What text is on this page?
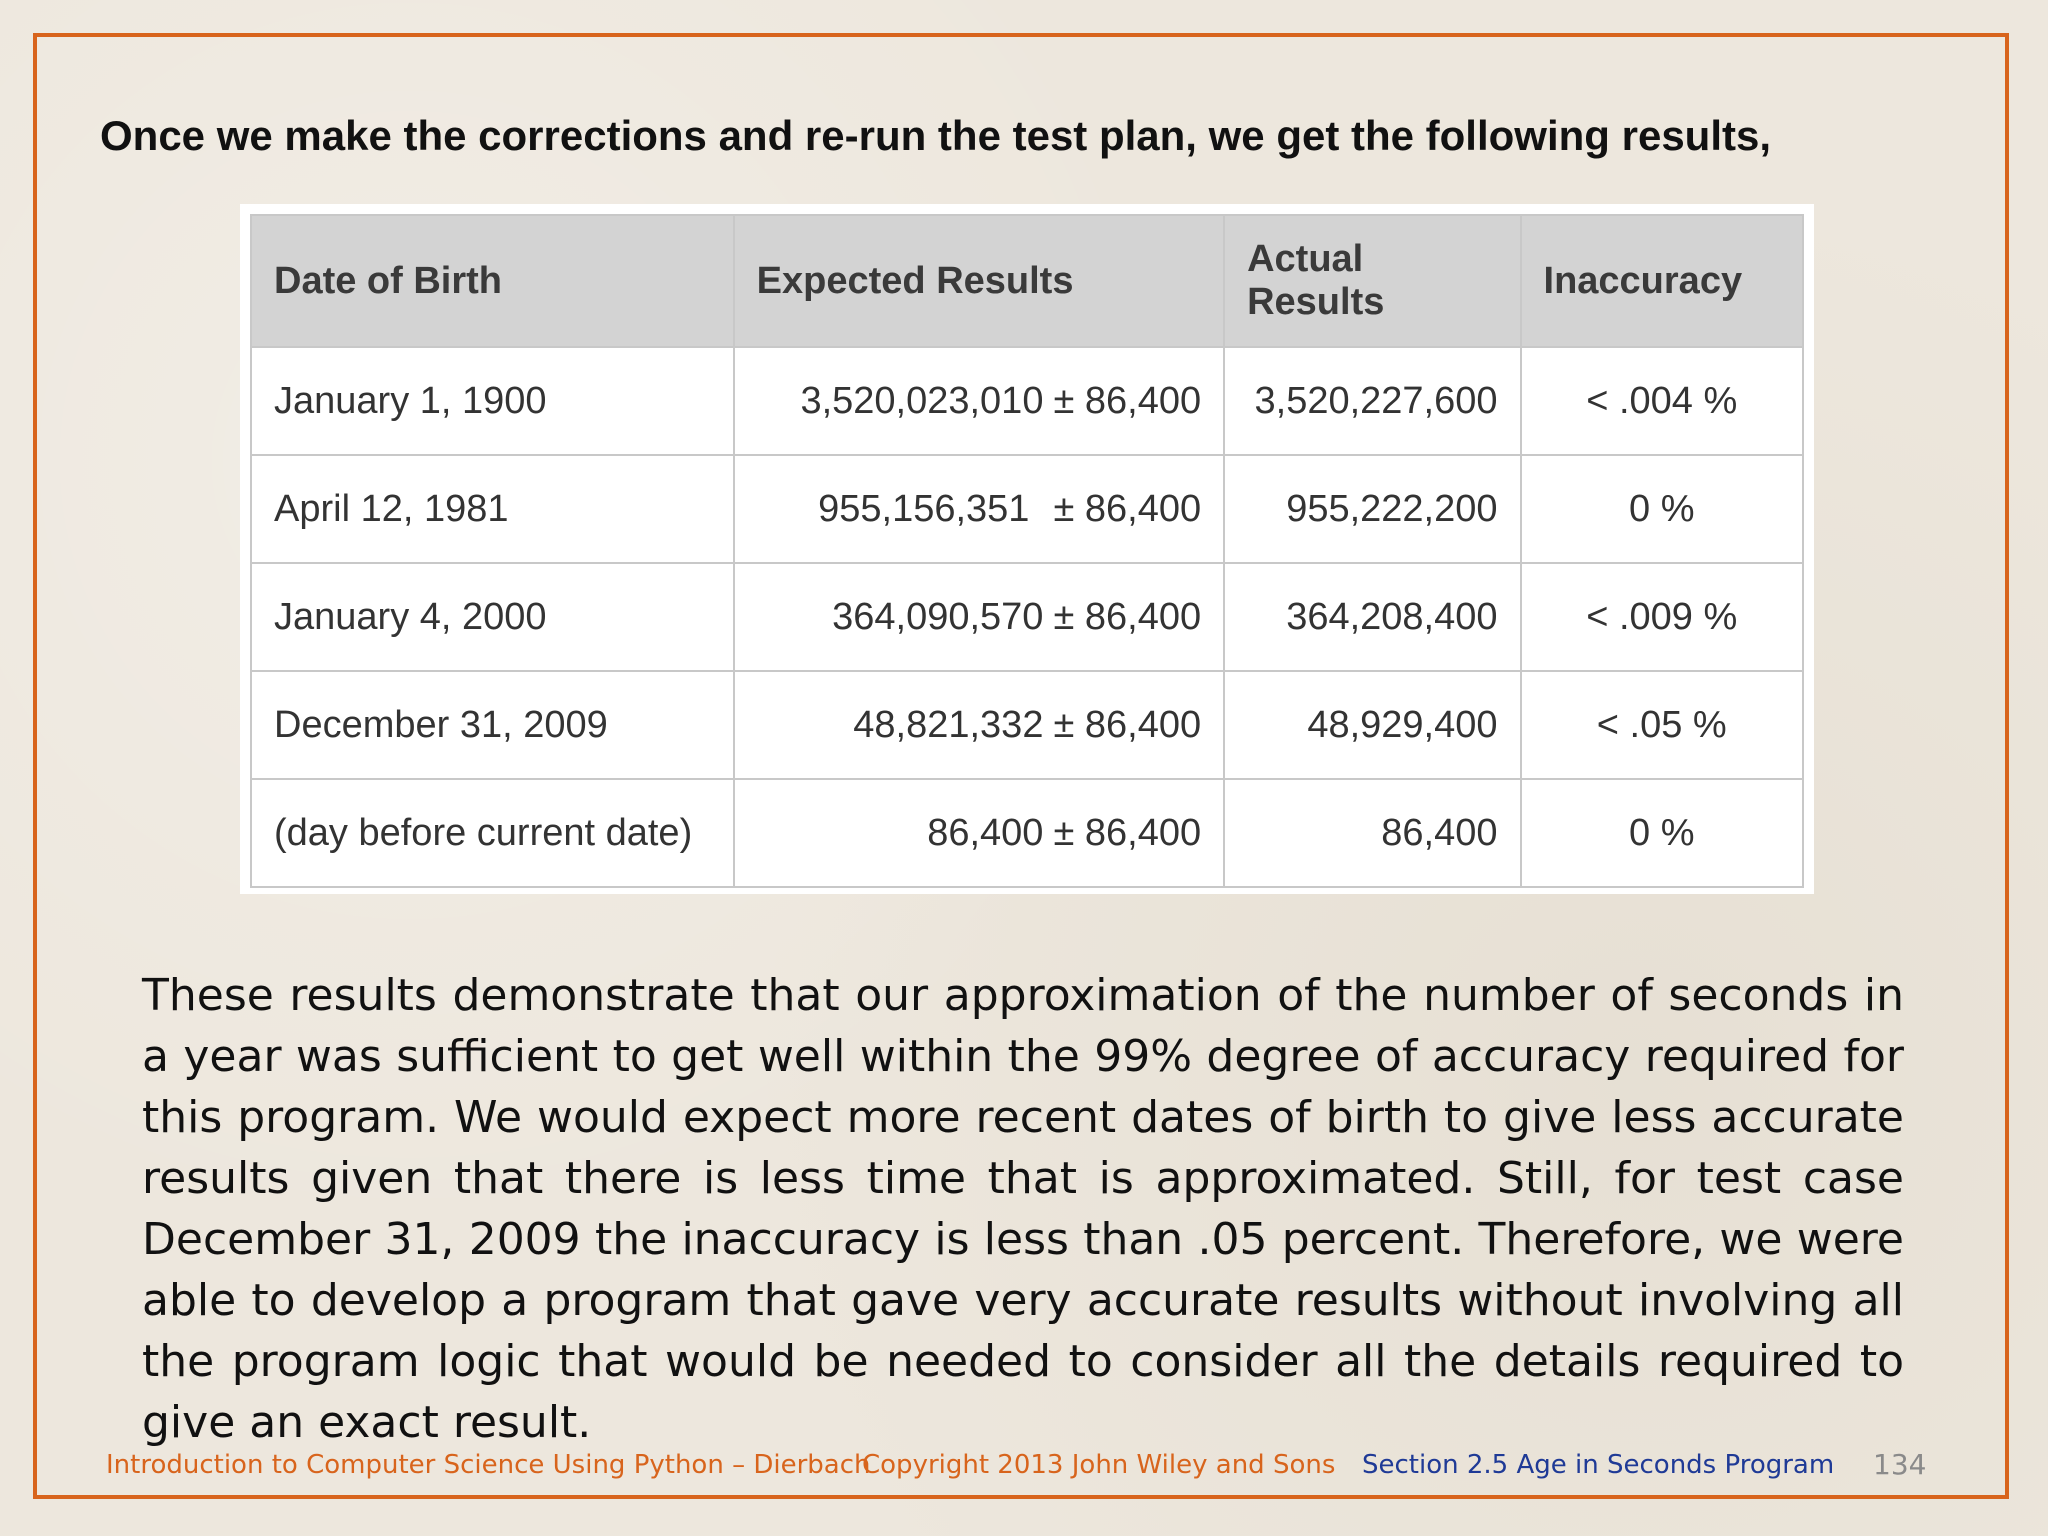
Once we make the corrections and re-run the test plan, we get the following results,
Date of Birth	Expected Results	Actual Results	Inaccuracy
January 1, 1900	3,520,023,010 ± 86,400	3,520,227,600	< .004 %
April 12, 1981	955,156,351 ± 86,400	955,222,200	0 %
January 4, 2000	364,090,570 ± 86,400	364,208,400	< .009 %
December 31, 2009	48,821,332 ± 86,400	48,929,400	< .05 %
(day before current date)	86,400 ± 86,400	86,400	0 %
These results demonstrate that our approximation of the number of seconds in a year was sufficient to get well within the 99% degree of accuracy required for this program. We would expect more recent dates of birth to give less accurate results given that there is less time that is approximated. Still, for test case December 31, 2009 the inaccuracy is less than .05 percent. Therefore, we were able to develop a program that gave very accurate results without involving all the program logic that would be needed to consider all the details required to give an exact result.
Introduction to Computer Science Using Python – Dierbach
Copyright 2013 John Wiley and Sons Section 2.5 Age in Seconds Program 134
